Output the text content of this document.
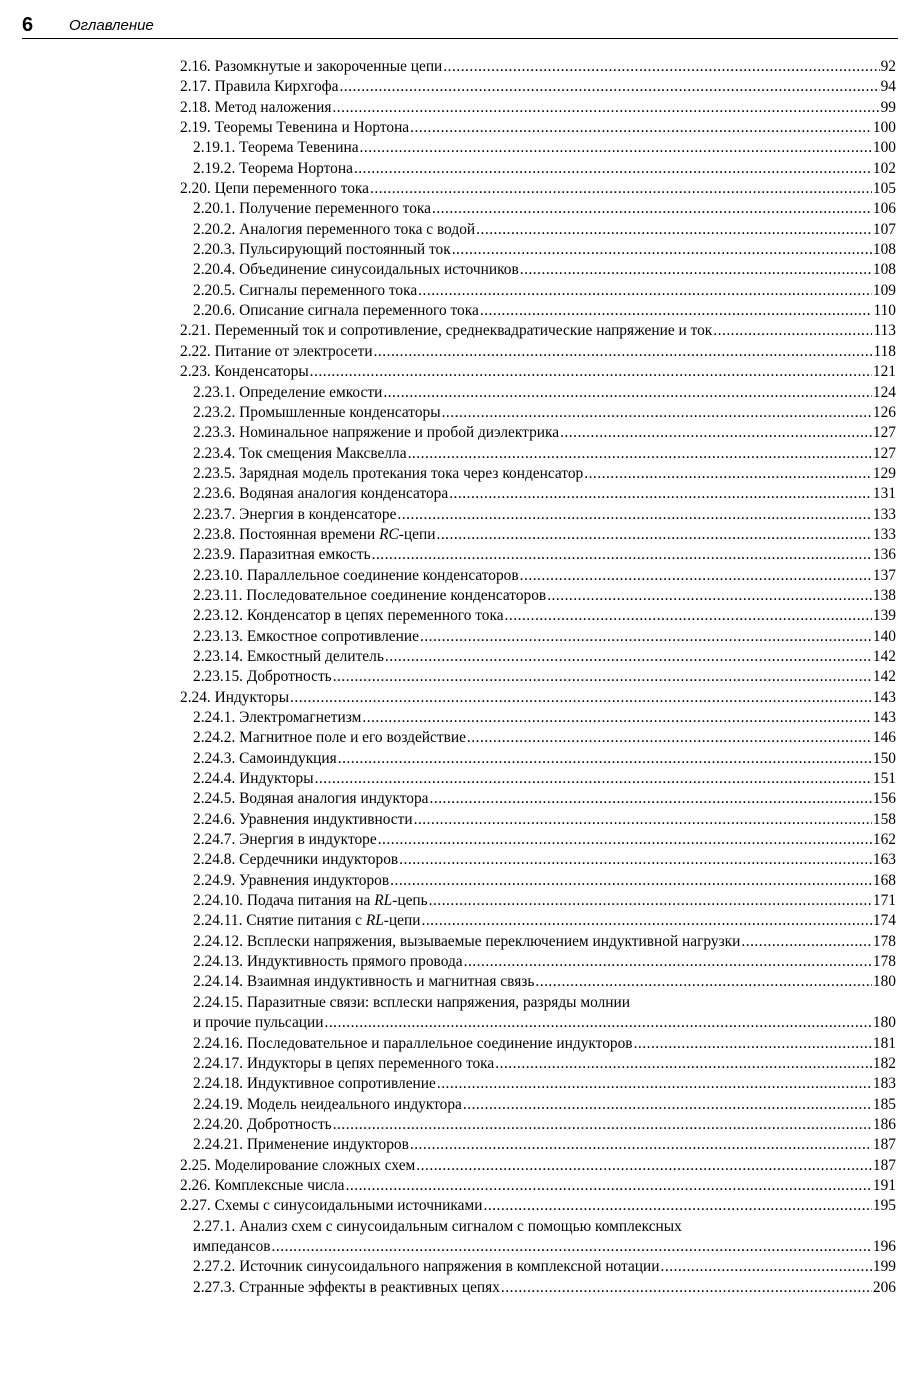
6 Оглавление
2.16. Разомкнутые и закороченные цепи .....	92
2.17. Правила Кирхгофа .....	94
2.18. Метод наложения .....	99
2.19. Теоремы Тевенина и Нортона .....	100
2.19.1. Теорема Тевенина .....	100
2.19.2. Теорема Нортона .....	102
2.20. Цепи переменного тока .....	105
2.20.1. Получение переменного тока .....	106
2.20.2. Аналогия переменного тока с водой .....	107
2.20.3. Пульсирующий постоянный ток .....	108
2.20.4. Объединение синусоидальных источников .....	108
2.20.5. Сигналы переменного тока .....	109
2.20.6. Описание сигнала переменного тока .....	110
2.21. Переменный ток и сопротивление, среднеквадратические напряжение и ток .....	113
2.22. Питание от электросети .....	118
2.23. Конденсаторы .....	121
2.23.1. Определение емкости .....	124
2.23.2. Промышленные конденсаторы .....	126
2.23.3. Номинальное напряжение и пробой диэлектрика .....	127
2.23.4. Ток смещения Максвелла .....	127
2.23.5. Зарядная модель протекания тока через конденсатор .....	129
2.23.6. Водяная аналогия конденсатора .....	131
2.23.7. Энергия в конденсаторе .....	133
2.23.8. Постоянная времени RC-цепи .....	133
2.23.9. Паразитная емкость .....	136
2.23.10. Параллельное соединение конденсаторов .....	137
2.23.11. Последовательное соединение конденсаторов .....	138
2.23.12. Конденсатор в цепях переменного тока .....	139
2.23.13. Емкостное сопротивление .....	140
2.23.14. Емкостный делитель .....	142
2.23.15. Добротность .....	142
2.24. Индукторы .....	143
2.24.1. Электромагнетизм .....	143
2.24.2. Магнитное поле и его воздействие .....	146
2.24.3. Самоиндукция .....	150
2.24.4. Индукторы .....	151
2.24.5. Водяная аналогия индуктора .....	156
2.24.6. Уравнения индуктивности .....	158
2.24.7. Энергия в индукторе .....	162
2.24.8. Сердечники индукторов .....	163
2.24.9. Уравнения индукторов .....	168
2.24.10. Подача питания на RL-цепь .....	171
2.24.11. Снятие питания с RL-цепи .....	174
2.24.12. Всплески напряжения, вызываемые переключением индуктивной нагрузки .....	178
2.24.13. Индуктивность прямого провода .....	178
2.24.14. Взаимная индуктивность и магнитная связь .....	180
2.24.15. Паразитные связи: всплески напряжения, разряды молнии
и прочие пульсации .....	180
2.24.16. Последовательное и параллельное соединение индукторов .....	181
2.24.17. Индукторы в цепях переменного тока .....	182
2.24.18. Индуктивное сопротивление .....	183
2.24.19. Модель неидеального индуктора .....	185
2.24.20. Добротность .....	186
2.24.21. Применение индукторов .....	187
2.25. Моделирование сложных схем .....	187
2.26. Комплексные числа .....	191
2.27. Схемы с синусоидальными источниками .....	195
2.27.1. Анализ схем с синусоидальным сигналом с помощью комплексных
импедансов .....	196
2.27.2. Источник синусоидального напряжения в комплексной нотации .....	199
2.27.3. Странные эффекты в реактивных цепях .....	206
